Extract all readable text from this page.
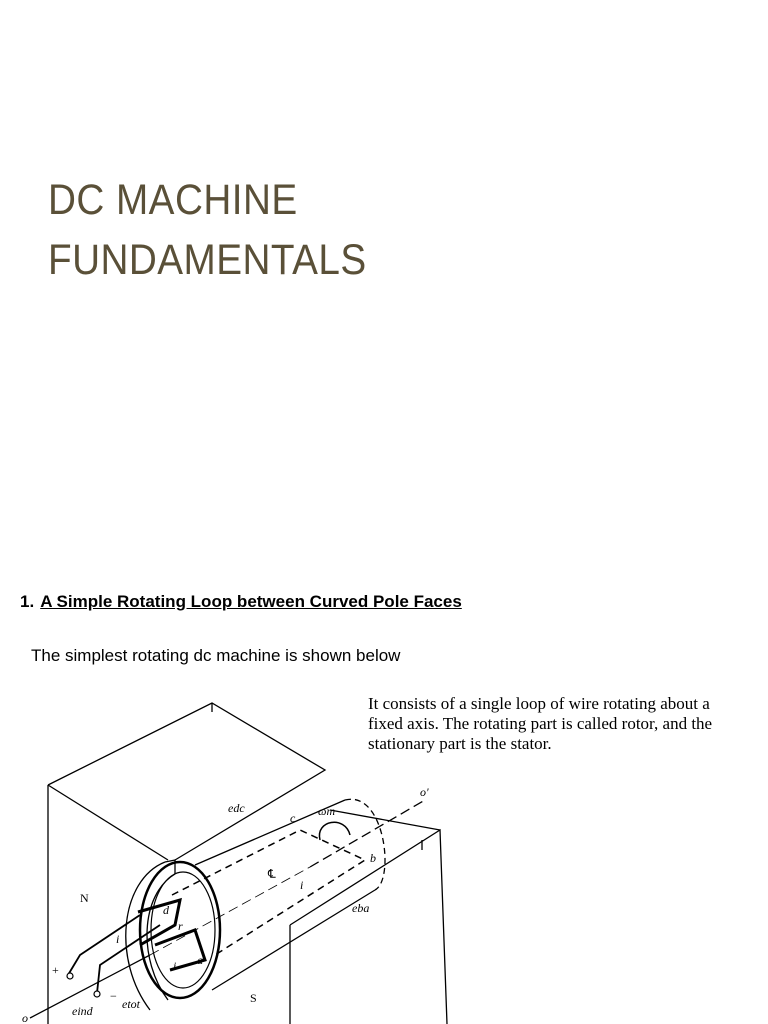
DC MACHINE
FUNDAMENTALS
1. A Simple Rotating Loop between Curved Pole Faces
The simplest rotating dc machine is shown below
It consists of a single loop of wire rotating about a
fixed axis. The rotating part is called rotor, and the
stationary part is the stator.
N
S
o
o'
ωm
edc
eba
eind etot
℄
a
b
c
d
i
i
i
r
+
−
